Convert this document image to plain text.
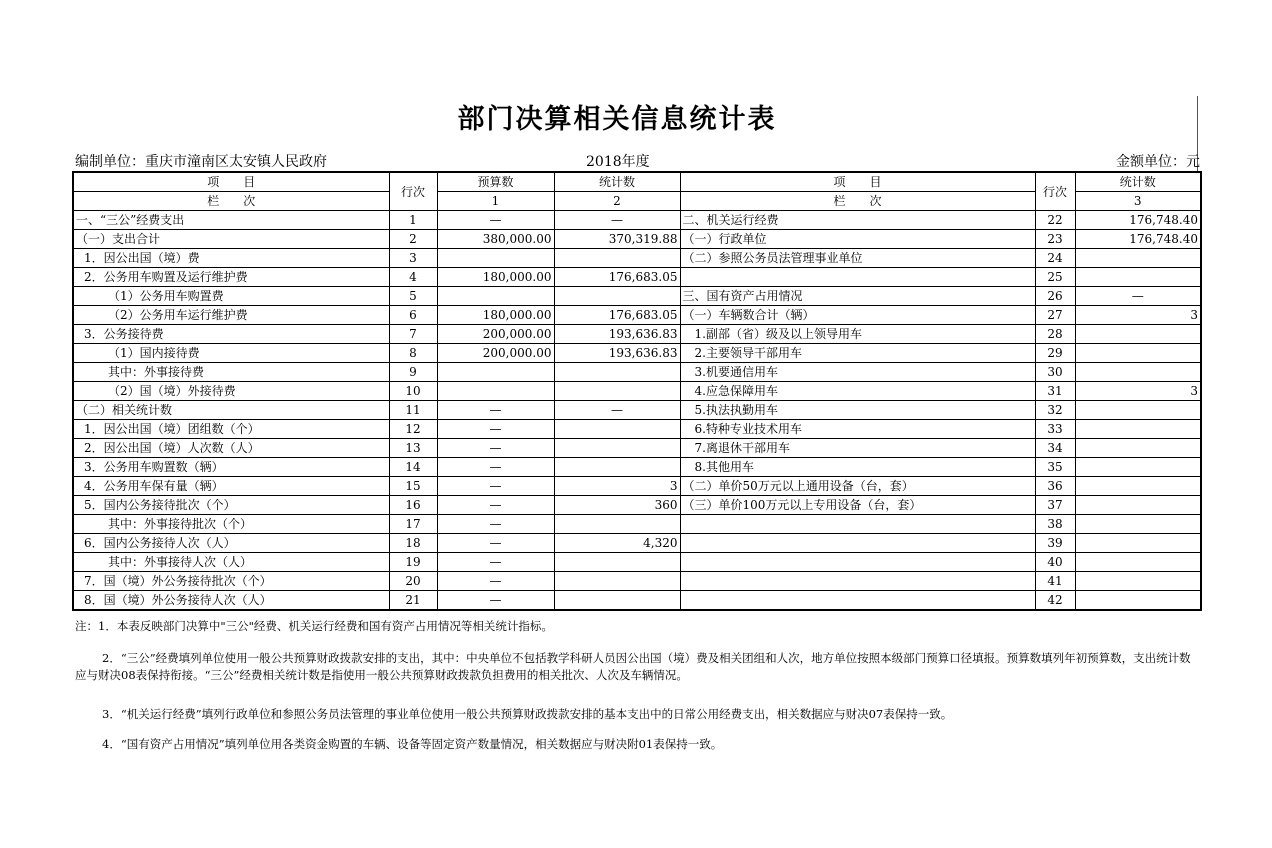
部门决算相关信息统计表
编制单位：重庆市潼南区太安镇人民政府	2018年度	金额单位：元
项　　目	行次	预算数	统计数	项　　目	行次	统计数
栏　　次		1	2	栏　　次		3
一、“三公”经费支出	1	—	—	二、机关运行经费	22	176,748.40
（一）支出合计	2	380,000.00	370,319.88	（一）行政单位	23	176,748.40
1．因公出国（境）费	3			（二）参照公务员法管理事业单位	24	
2．公务用车购置及运行维护费	4	180,000.00	176,683.05		25	
（1）公务用车购置费	5			三、国有资产占用情况	26	—
（2）公务用车运行维护费	6	180,000.00	176,683.05	（一）车辆数合计（辆）	27	3
3．公务接待费	7	200,000.00	193,636.83	1.副部（省）级及以上领导用车	28	
（1）国内接待费	8	200,000.00	193,636.83	2.主要领导干部用车	29	
其中：外事接待费	9			3.机要通信用车	30	
（2）国（境）外接待费	10			4.应急保障用车	31	3
（二）相关统计数	11	—	—	5.执法执勤用车	32	
1．因公出国（境）团组数（个）	12	—		6.特种专业技术用车	33	
2．因公出国（境）人次数（人）	13	—		7.离退休干部用车	34	
3．公务用车购置数（辆）	14	—		8.其他用车	35	
4．公务用车保有量（辆）	15	—	3	（二）单价50万元以上通用设备（台，套）	36	
5．国内公务接待批次（个）	16	—	360	（三）单价100万元以上专用设备（台，套）	37	
其中：外事接待批次（个）	17	—			38	
6．国内公务接待人次（人）	18	—	4,320		39	
其中：外事接待人次（人）	19	—			40	
7．国（境）外公务接待批次（个）	20	—			41	
8．国（境）外公务接待人次（人）	21	—			42	
注：1．本表反映部门决算中"三公"经费、机关运行经费和国有资产占用情况等相关统计指标。
2．“三公”经费填列单位使用一般公共预算财政拨款安排的支出，其中：中央单位不包括教学科研人员因公出国（境）费及相关团组和人次，地方单位按照本级部门预算口径填报。预算数填列年初预算数，支出统计数应与财决08表保持衔接。“三公”经费相关统计数是指使用一般公共预算财政拨款负担费用的相关批次、人次及车辆情况。
3．“机关运行经费”填列行政单位和参照公务员法管理的事业单位使用一般公共预算财政拨款安排的基本支出中的日常公用经费支出，相关数据应与财决07表保持一致。
4．“国有资产占用情况”填列单位用各类资金购置的车辆、设备等固定资产数量情况，相关数据应与财决附01表保持一致。
